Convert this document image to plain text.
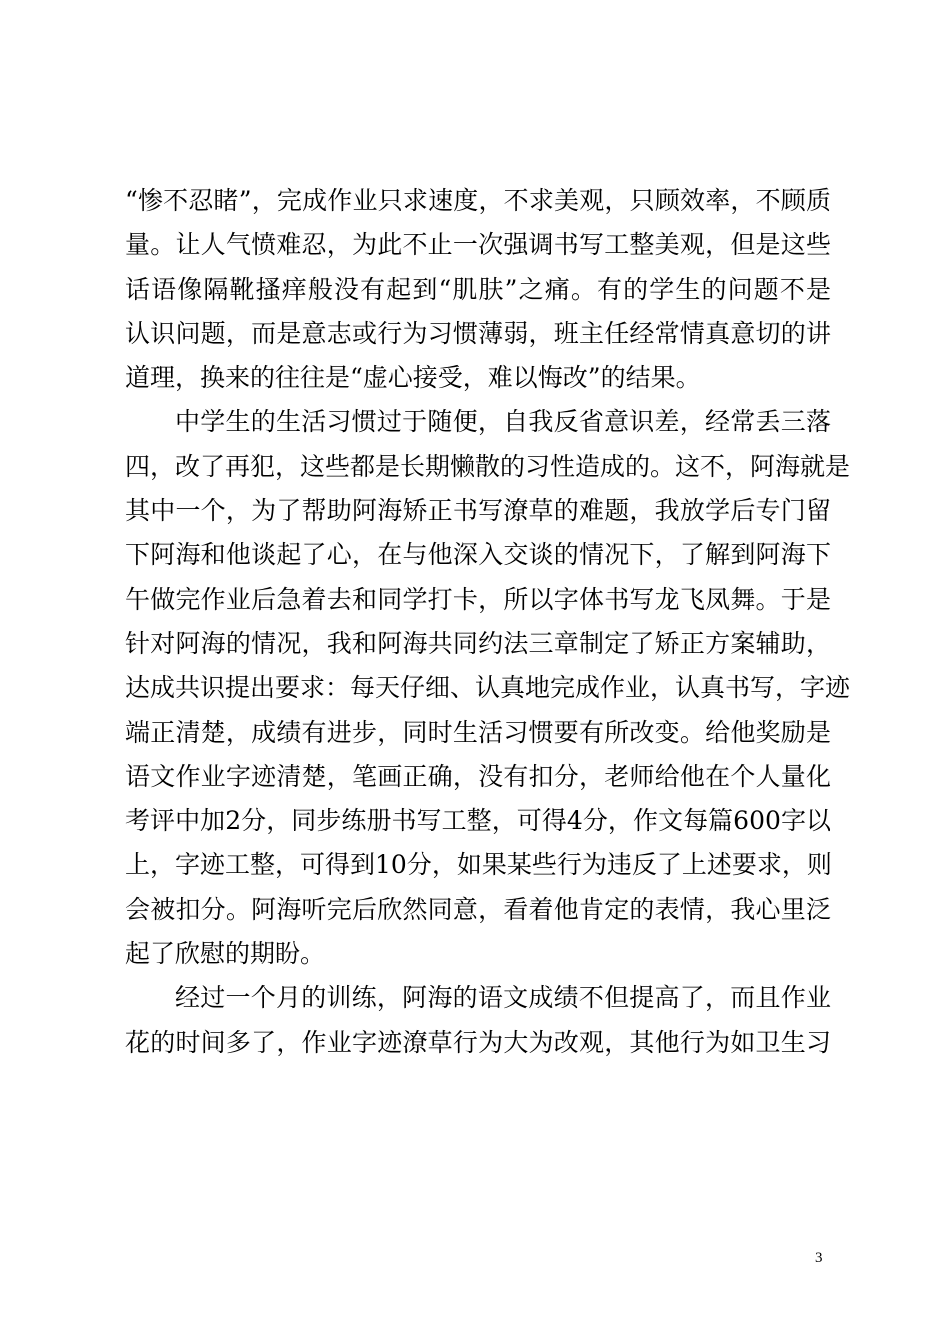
“惨不忍睹”，完成作业只求速度，不求美观，只顾效率，不顾质
量。让人气愤难忍，为此不止一次强调书写工整美观，但是这些
话语像隔靴搔痒般没有起到“肌肤”之痛。有的学生的问题不是
认识问题，而是意志或行为习惯薄弱，班主任经常情真意切的讲
道理，换来的往往是“虚心接受，难以悔改”的结果。

中学生的生活习惯过于随便，自我反省意识差，经常丢三落
四，改了再犯，这些都是长期懒散的习性造成的。这不，阿海就是
其中一个，为了帮助阿海矫正书写潦草的难题，我放学后专门留
下阿海和他谈起了心，在与他深入交谈的情况下，了解到阿海下
午做完作业后急着去和同学打卡，所以字体书写龙飞凤舞。于是
针对阿海的情况，我和阿海共同约法三章制定了矫正方案辅助，
达成共识提出要求：每天仔细、认真地完成作业，认真书写，字迹
端正清楚，成绩有进步，同时生活习惯要有所改变。给他奖励是
语文作业字迹清楚，笔画正确，没有扣分，老师给他在个人量化
考评中加2分，同步练册书写工整，可得4分，作文每篇600字以
上，字迹工整，可得到10分，如果某些行为违反了上述要求，则
会被扣分。阿海听完后欣然同意，看着他肯定的表情，我心里泛
起了欣慰的期盼。

经过一个月的训练，阿海的语文成绩不但提高了，而且作业
花的时间多了，作业字迹潦草行为大为改观，其他行为如卫生习

3
